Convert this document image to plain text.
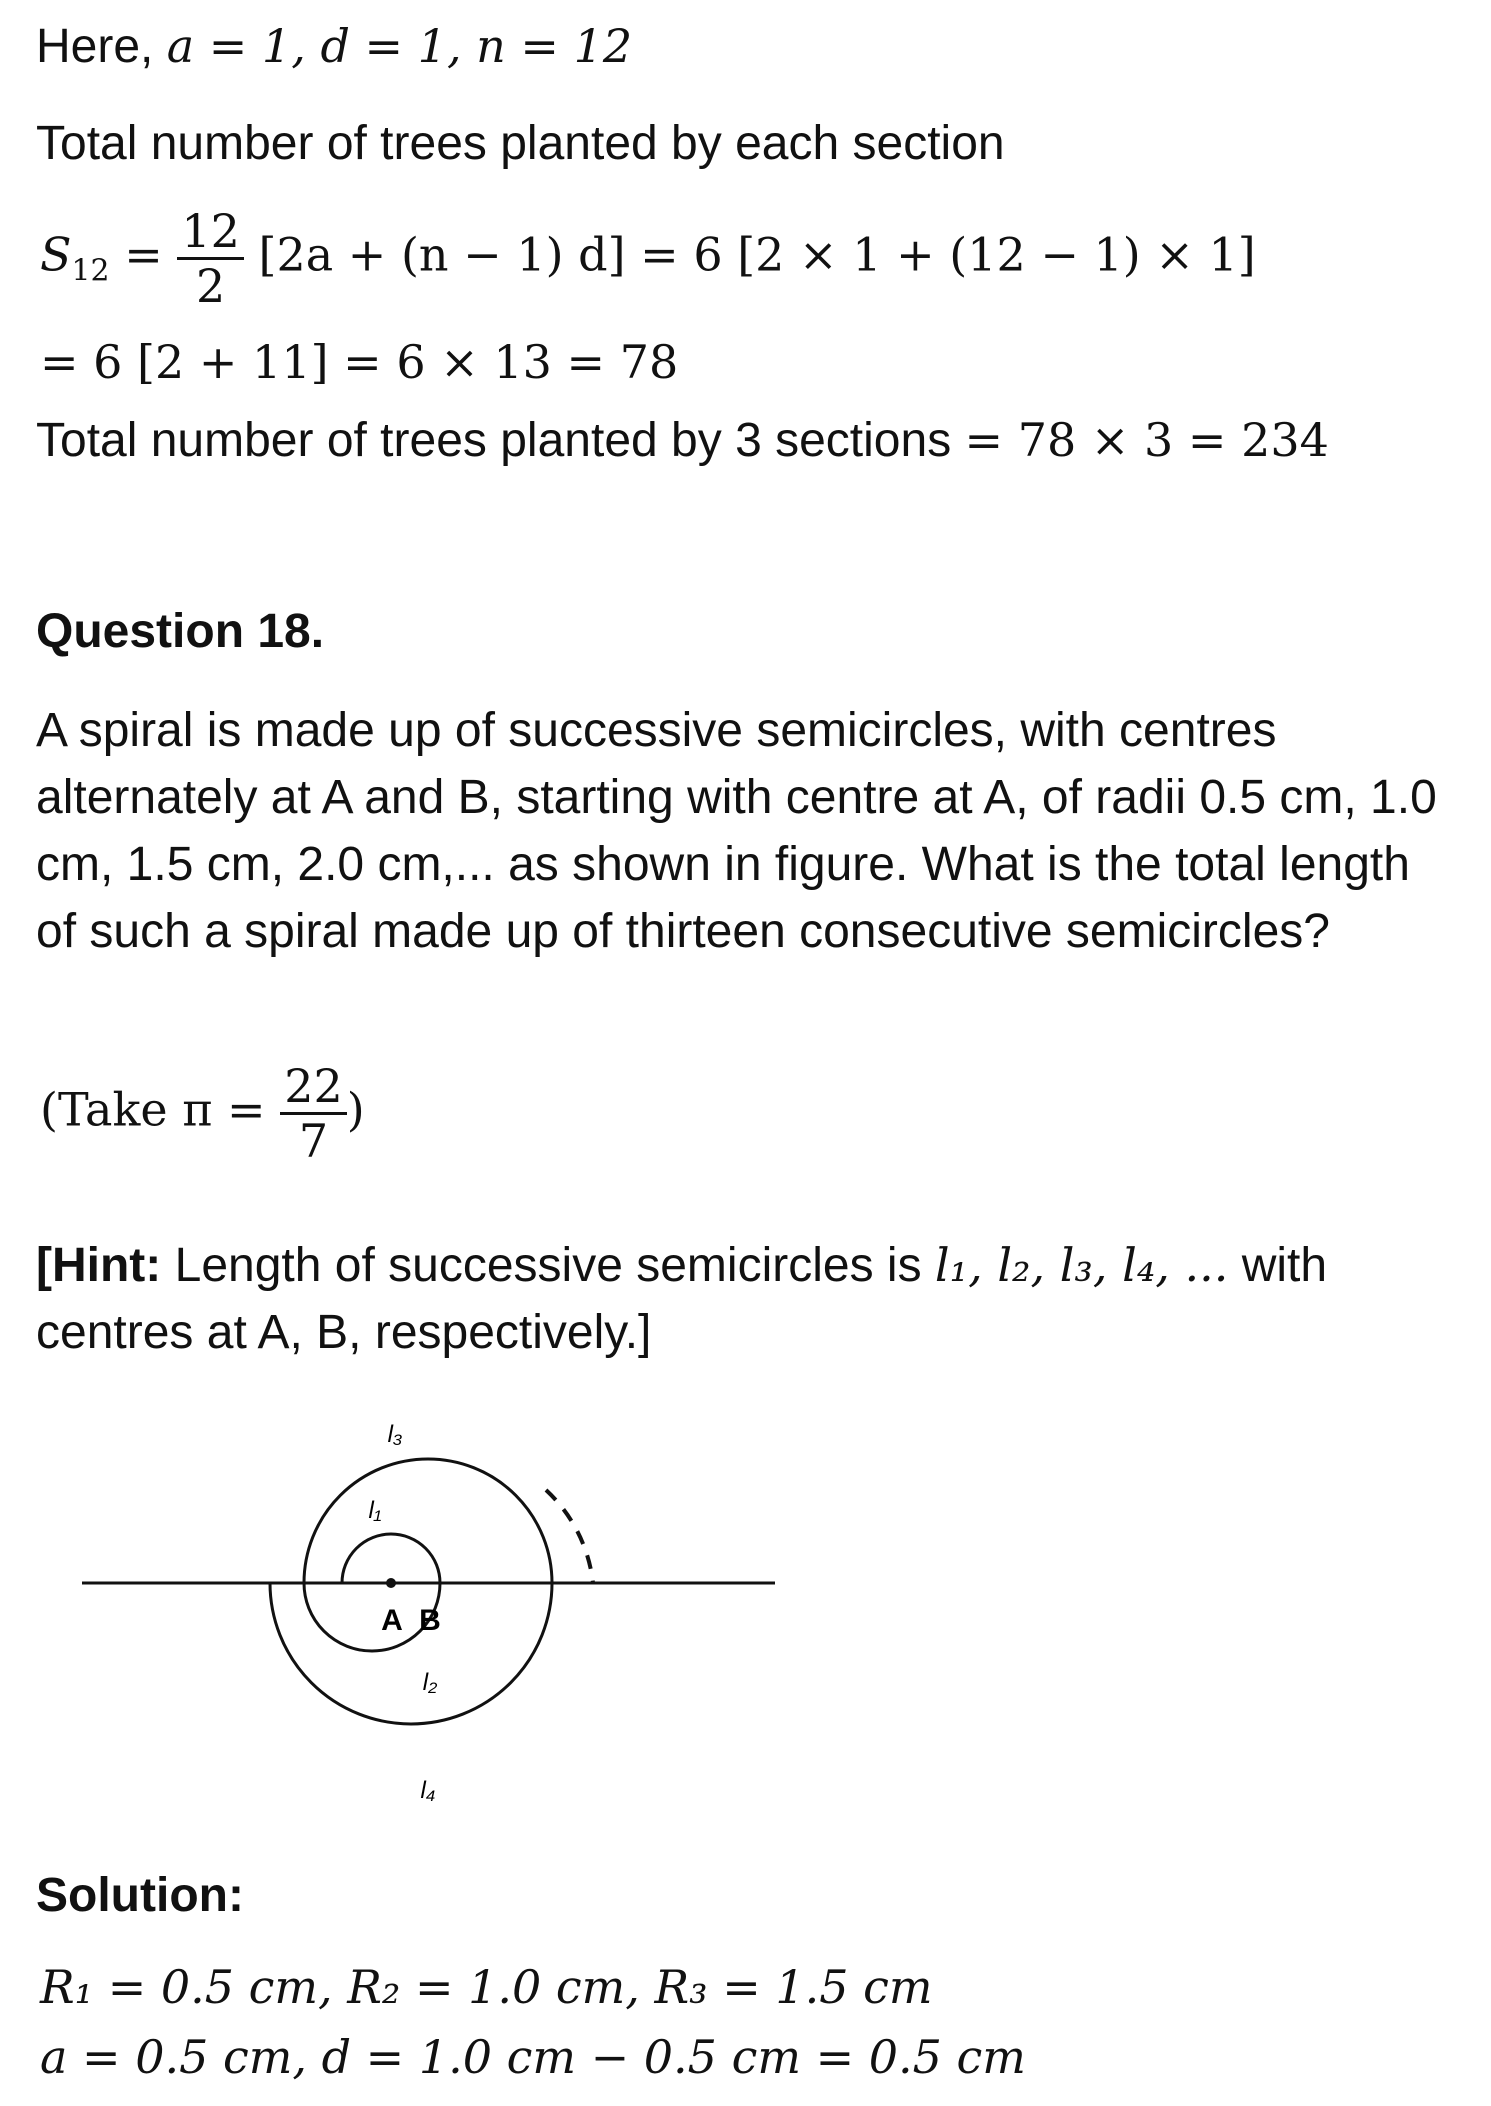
Here, a = 1, d = 1, n = 12
Total number of trees planted by each section
$S_{12} = \frac{12}{2} [2a + (n - 1) d] = 6$ [2 × 1 + (12 − 1) × 1]
= 6 [2 + 11] = 6 × 13 = 78
Total number of trees planted by 3 sections = 78 × 3 = 234
Question 18.
A spiral is made up of successive semicircles, with centres alternately at A and B, starting with centre at A, of radii 0.5 cm, 1.0 cm, 1.5 cm, 2.0 cm,... as shown in figure. What is the total length of such a spiral made up of thirteen consecutive semicircles?
(Take $\pi = \frac{22}{7}$ )
[Hint: Length of successive semicircles is l₁, l₂, l₃, l₄, ... with centres at A, B, respectively.]
A B
l₁
l₂
l₃
l₄
Solution:
R₁ = 0.5 cm, R₂ = 1.0 cm, R₃ = 1.5 cm
a = 0.5 cm, d = 1.0 cm − 0.5 cm = 0.5 cm
